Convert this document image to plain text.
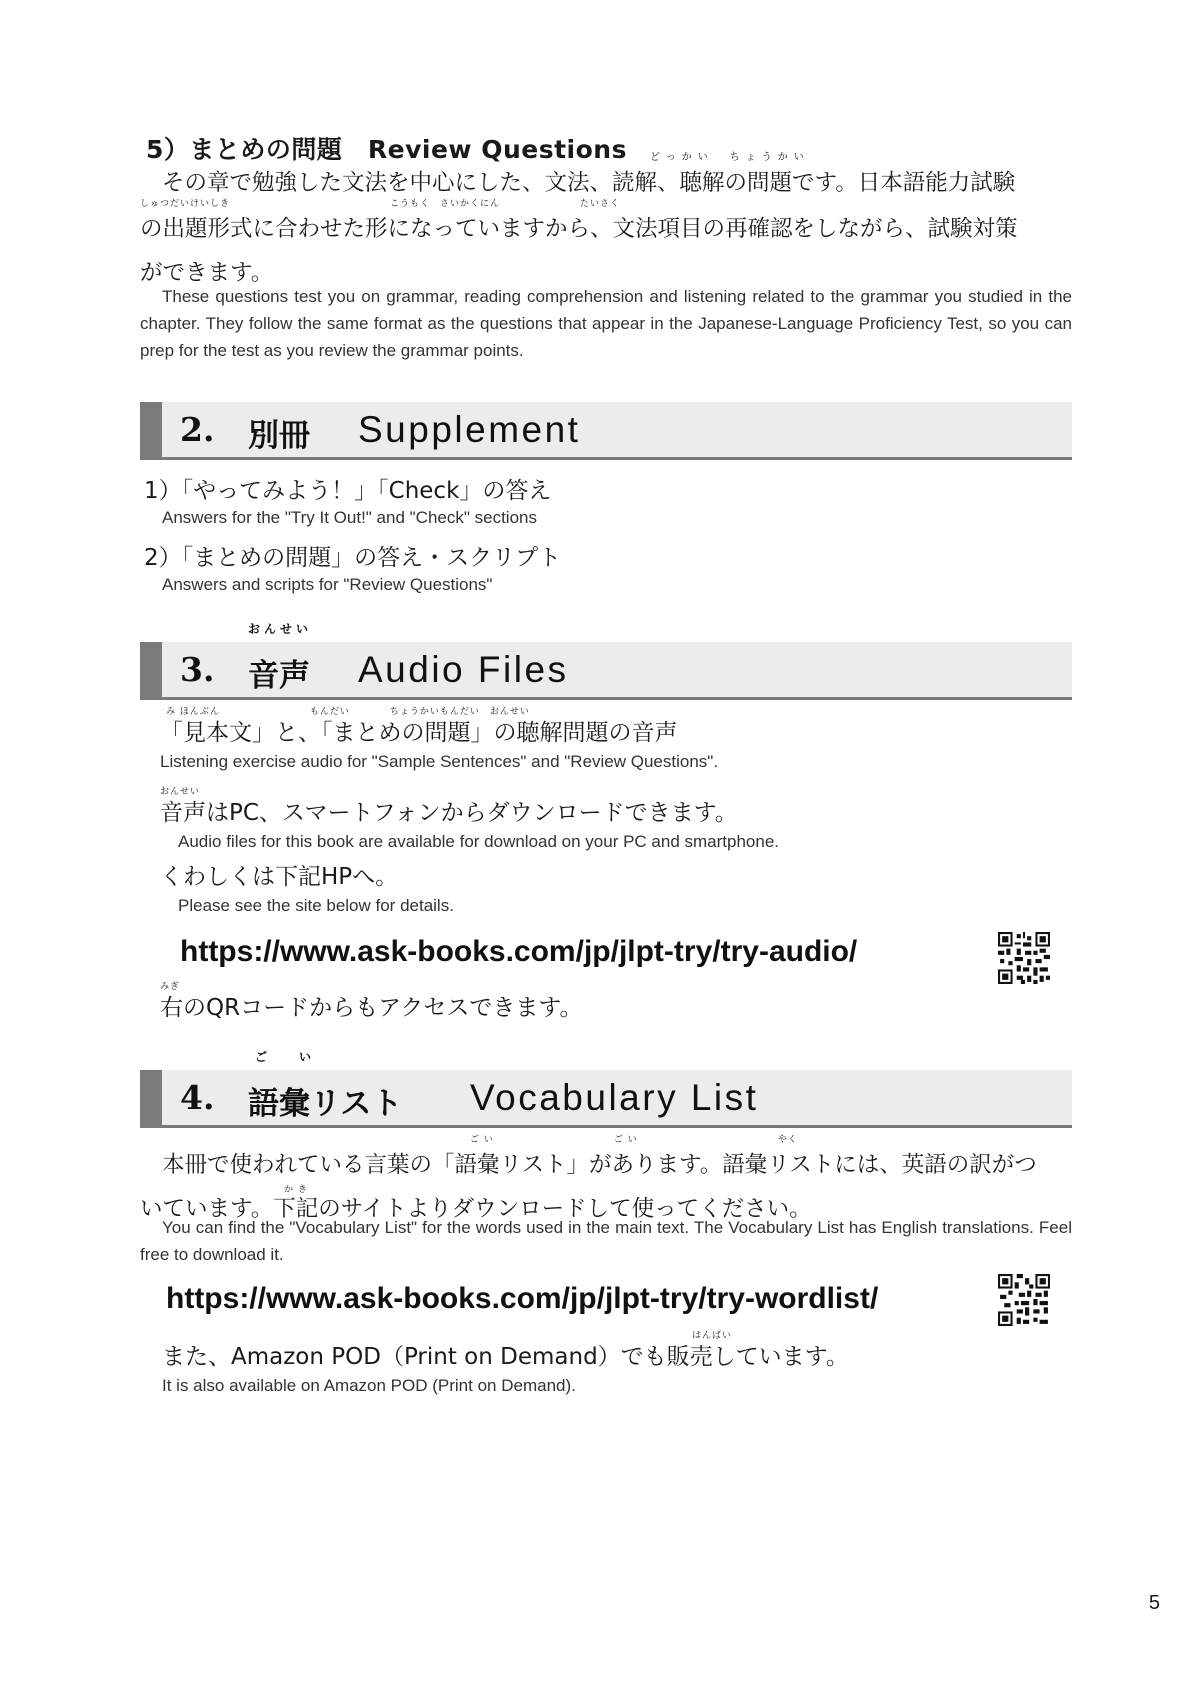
5）まとめの問題　Review Questions	どっかい　ちょうかい
その章で勉強した文法を中心にした、文法、読解、聴解の問題です。日本語能力試験
しゅつだいけいしき　　　　　　　　　　　　　　　　こうもく　さいかくにん　　　　　　　　たいさく
の出題形式に合わせた形になっていますから、文法項目の再確認をしながら、試験対策
ができます。
These questions test you on grammar, reading comprehension and listening related to the grammar you studied in the chapter. They follow the same format as the questions that appear in the Japanese-Language Proficiency Test, so you can prep for the test as you review the grammar points.
2. 別冊 Supplement
1）「やってみよう！」「Check」の答え
Answers for the "Try It Out!" and "Check" sections
2）「まとめの問題」の答え・スクリプト
Answers and scripts for "Review Questions"
おんせい
3. 音声 Audio Files
み ほんぶん　　　　　　　　　もんだい　　　　ちょうかいもんだい　おんせい
「見本文」と、「まとめの問題」の聴解問題の音声
Listening exercise audio for "Sample Sentences" and "Review Questions".
おんせい
音声はPC、スマートフォンからダウンロードできます。
Audio files for this book are available for download on your PC and smartphone.
くわしくは下記HPへ。
Please see the site below for details.
https://www.ask-books.com/jp/jlpt-try/try-audio/
みぎ
右のQRコードからもアクセスできます。
ご　い
4. 語彙リスト Vocabulary List
ご い　　　　　　　　　　　　ご い　　　　　　　　　　　　　　やく
本冊で使われている言葉の「語彙リスト」があります。語彙リストには、英語の訳がつ
か き
いています。下記のサイトよりダウンロードして使ってください。
You can find the "Vocabulary List" for the words used in the main text. The Vocabulary List has English translations. Feel free to download it.
https://www.ask-books.com/jp/jlpt-try/try-wordlist/
はんばい
また、Amazon POD（Print on Demand）でも販売しています。
It is also available on Amazon POD (Print on Demand).
5
